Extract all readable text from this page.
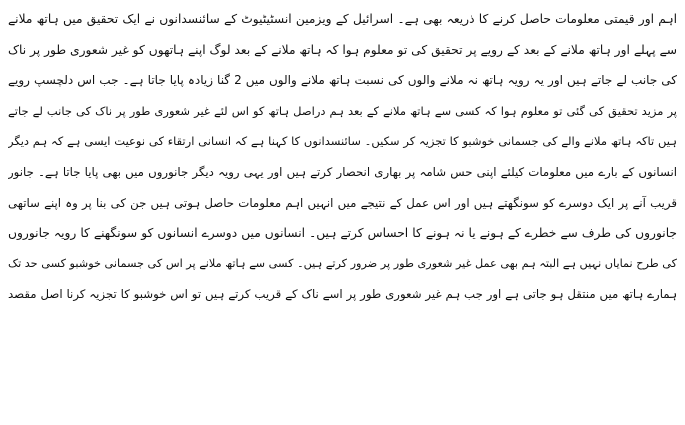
اہم اور قیمتی معلومات حاصل کرنے کا ذریعہ بھی ہے۔ اسرائیل کے ویزمین انسٹیٹیوٹ کے سائنسدانوں نے ایک تحقیق میں ہاتھ ملانے
سے پہلے اور ہاتھ ملانے کے بعد کے رویے پر تحقیق کی تو معلوم ہوا کہ ہاتھ ملانے کے بعد لوگ اپنے ہاتھوں کو غیر شعوری طور پر ناک
کی جانب لے جاتے ہیں اور یہ رویہ ہاتھ نہ ملانے والوں کی نسبت ہاتھ ملانے والوں میں 2 گنا زیادہ پایا جاتا ہے۔ جب اس دلچسپ رویے
پر مزید تحقیق کی گئی تو معلوم ہوا کہ کسی سے ہاتھ ملانے کے بعد ہم دراصل ہاتھ کو اس لئے غیر شعوری طور پر ناک کی جانب لے جاتے
ہیں تاکہ ہاتھ ملانے والے کی جسمانی خوشبو کا تجزیہ کر سکیں۔ سائنسدانوں کا کہنا ہے کہ انسانی ارتقاء کی نوعیت ایسی ہے کہ ہم دیگر
انسانوں کے بارے میں معلومات کیلئے اپنی حس شامہ پر بھاری انحصار کرتے ہیں اور یہی رویہ دیگر جانوروں میں بھی پایا جاتا ہے۔ جانور
قریب آنے پر ایک دوسرے کو سونگھتے ہیں اور اس عمل کے نتیجے میں انہیں اہم معلومات حاصل ہوتی ہیں جن کی بنا پر وہ اپنے ساتھی
جانوروں کی طرف سے خطرے کے ہونے یا نہ ہونے کا احساس کرتے ہیں۔ انسانوں میں دوسرے انسانوں کو سونگھنے کا رویہ جانوروں
کی طرح نمایاں نہیں ہے البتہ ہم بھی عمل غیر شعوری طور پر ضرور کرتے ہیں۔ کسی سے ہاتھ ملانے پر اس کی جسمانی خوشبو کسی حد تک
ہمارے ہاتھ میں منتقل ہو جاتی ہے اور جب ہم غیر شعوری طور پر اسے ناک کے قریب کرتے ہیں تو اس خوشبو کا تجزیہ کرنا اصل مقصد
